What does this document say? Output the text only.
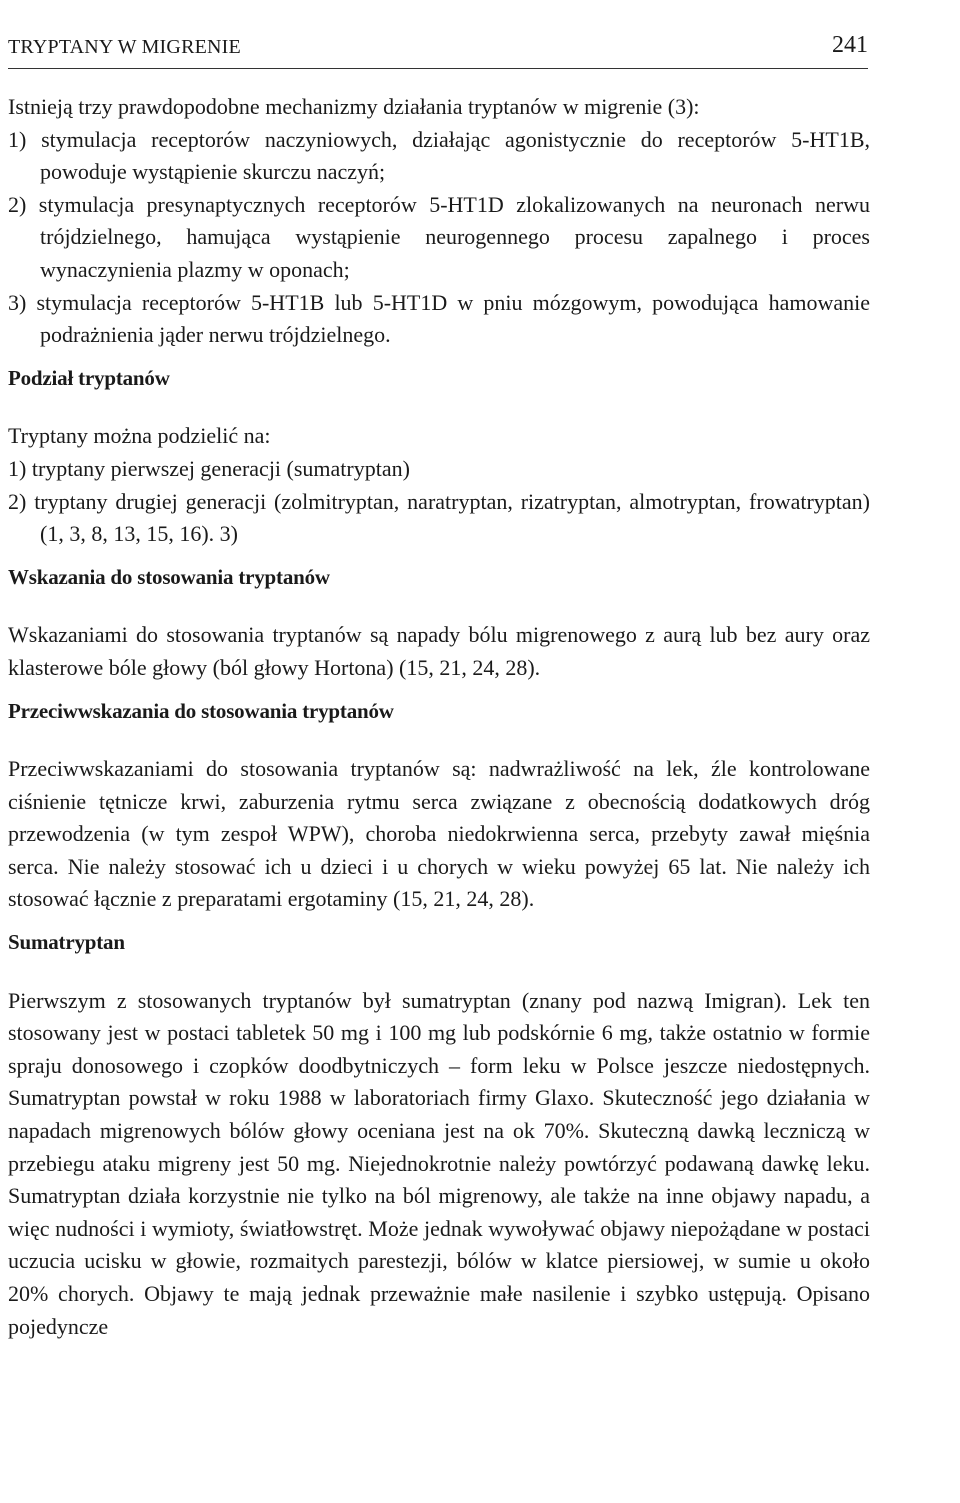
TRYPTANY W MIGRENIE	241

Istnieją trzy prawdopodobne mechanizmy działania tryptanów w migrenie (3):

1) stymulacja receptorów naczyniowych, działając agonistycznie do receptorów 5-HT1B, powoduje wystąpienie skurczu naczyń;

2) stymulacja presynaptycznych receptorów 5-HT1D zlokalizowanych na neuronach nerwu trójdzielnego, hamująca wystąpienie neurogennego procesu zapalnego i proces wynaczynienia plazmy w oponach;

3) stymulacja receptorów 5-HT1B lub 5-HT1D w pniu mózgowym, powodująca hamowanie podrażnienia jąder nerwu trójdzielnego.

Podział tryptanów

Tryptany można podzielić na:

1) tryptany pierwszej generacji (sumatryptan)

2) tryptany drugiej generacji (zolmitryptan, naratryptan, rizatryptan, almotryptan, frowatryptan) (1, 3, 8, 13, 15, 16). 3)

Wskazania do stosowania tryptanów

Wskazaniami do stosowania tryptanów są napady bólu migrenowego z aurą lub bez aury oraz klasterowe bóle głowy (ból głowy Hortona) (15, 21, 24, 28).

Przeciwwskazania do stosowania tryptanów

Przeciwwskazaniami do stosowania tryptanów są: nadwrażliwość na lek, źle kontrolowane ciśnienie tętnicze krwi, zaburzenia rytmu serca związane z obecnością dodatkowych dróg przewodzenia (w tym zespoł WPW), choroba niedokrwienna serca, przebyty zawał mięśnia serca. Nie należy stosować ich u dzieci i u chorych w wieku powyżej 65 lat. Nie należy ich stosować łącznie z preparatami ergotaminy (15, 21, 24, 28).

Sumatryptan

Pierwszym z stosowanych tryptanów był sumatryptan (znany pod nazwą Imigran). Lek ten stosowany jest w postaci tabletek 50 mg i 100 mg lub podskórnie 6 mg, także ostatnio w formie spraju donosowego i czopków doodbytniczych – form leku w Polsce jeszcze niedostępnych. Sumatryptan powstał w roku 1988 w laboratoriach firmy Glaxo. Skuteczność jego działania w napadach migrenowych bólów głowy oceniana jest na ok 70%. Skuteczną dawką leczniczą w przebiegu ataku migreny jest 50 mg. Niejednokrotnie należy powtórzyć podawaną dawkę leku. Sumatryptan działa korzystnie nie tylko na ból migrenowy, ale także na inne objawy napadu, a więc nudności i wymioty, światłowstręt. Może jednak wywoływać objawy niepożądane w postaci uczucia ucisku w głowie, rozmaitych parestezji, bólów w klatce piersiowej, w sumie u około 20% chorych. Objawy te mają jednak przeważnie małe nasilenie i szybko ustępują. Opisano pojedyncze
